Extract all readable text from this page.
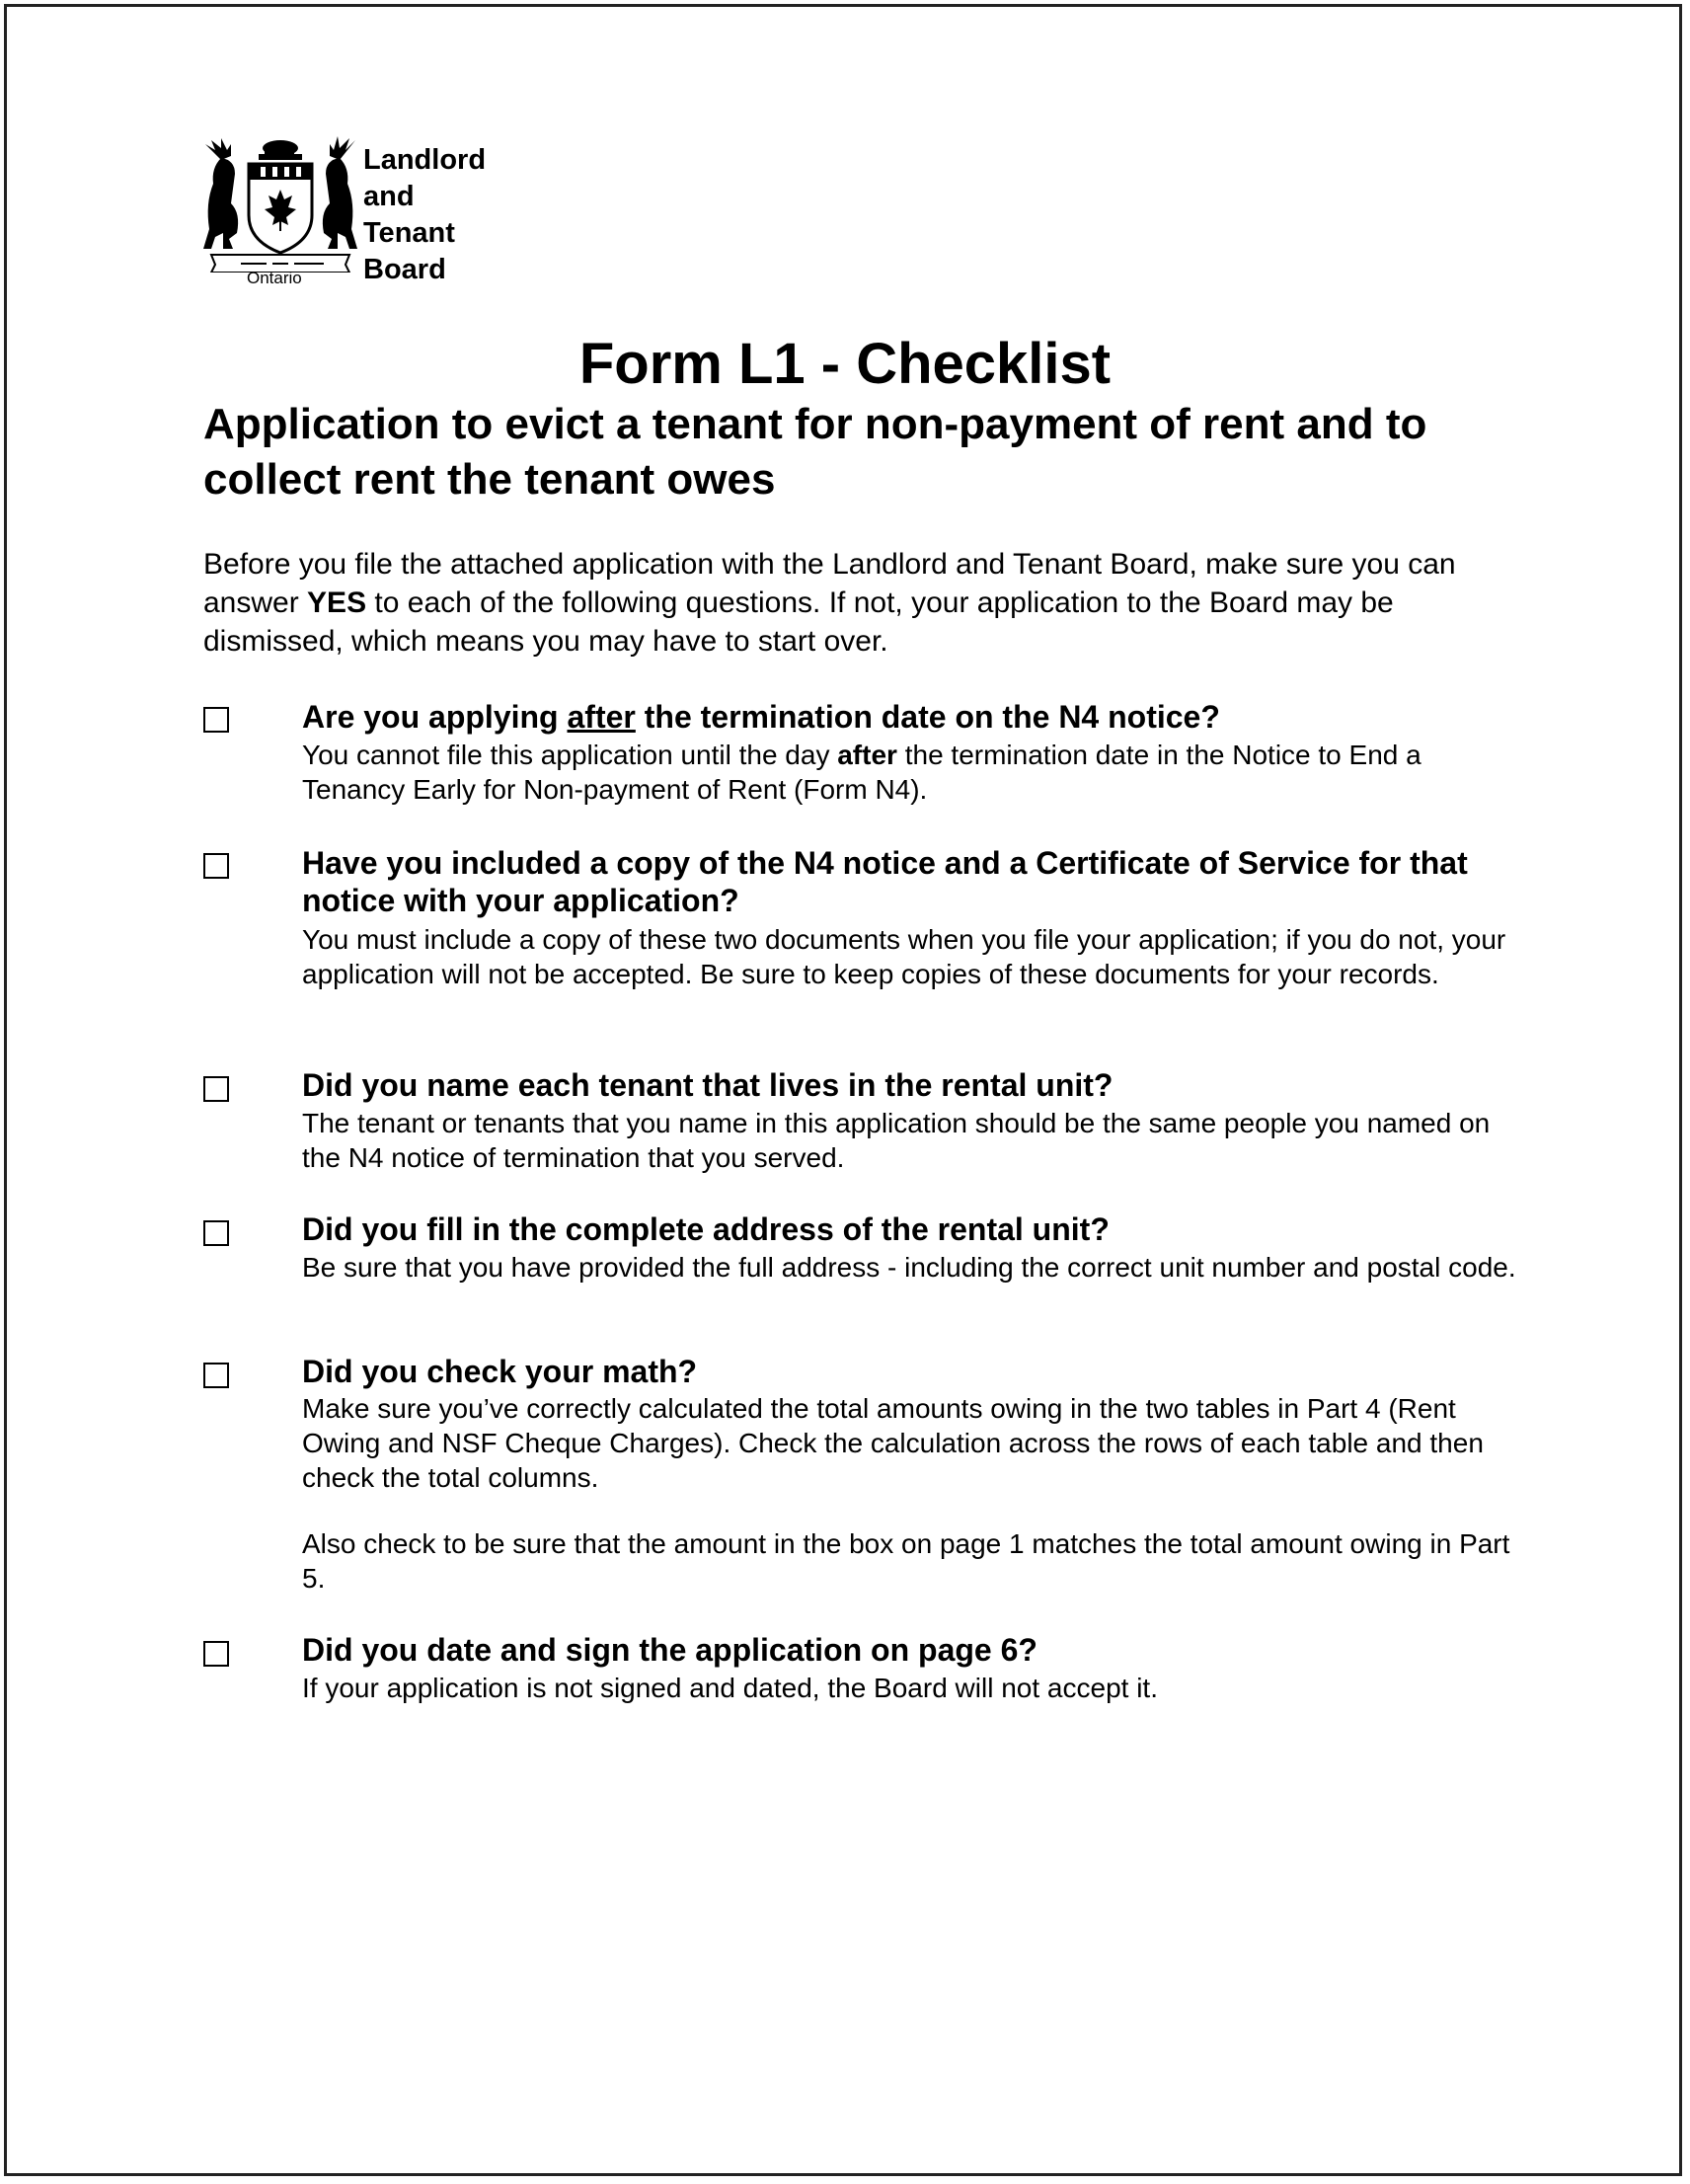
Ontario
Landlord
and
Tenant
Board
Form L1 - Checklist
Application to evict a tenant for non-payment of rent and to collect rent the tenant owes
Before you file the attached application with the Landlord and Tenant Board, make sure you can answer YES to each of the following questions. If not, your application to the Board may be dismissed, which means you may have to start over.
Are you applying after the termination date on the N4 notice?
You cannot file this application until the day after the termination date in the Notice to End a Tenancy Early for Non-payment of Rent (Form N4).
Have you included a copy of the N4 notice and a Certificate of Service for that notice with your application?
You must include a copy of these two documents when you file your application; if you do not, your application will not be accepted. Be sure to keep copies of these documents for your records.
Did you name each tenant that lives in the rental unit?
The tenant or tenants that you name in this application should be the same people you named on the N4 notice of termination that you served.
Did you fill in the complete address of the rental unit?
Be sure that you have provided the full address - including the correct unit number and postal code.
Did you check your math?
Make sure you’ve correctly calculated the total amounts owing in the two tables in Part 4 (Rent Owing and NSF Cheque Charges). Check the calculation across the rows of each table and then check the total columns.
Also check to be sure that the amount in the box on page 1 matches the total amount owing in Part 5.
Did you date and sign the application on page 6?
If your application is not signed and dated, the Board will not accept it.
